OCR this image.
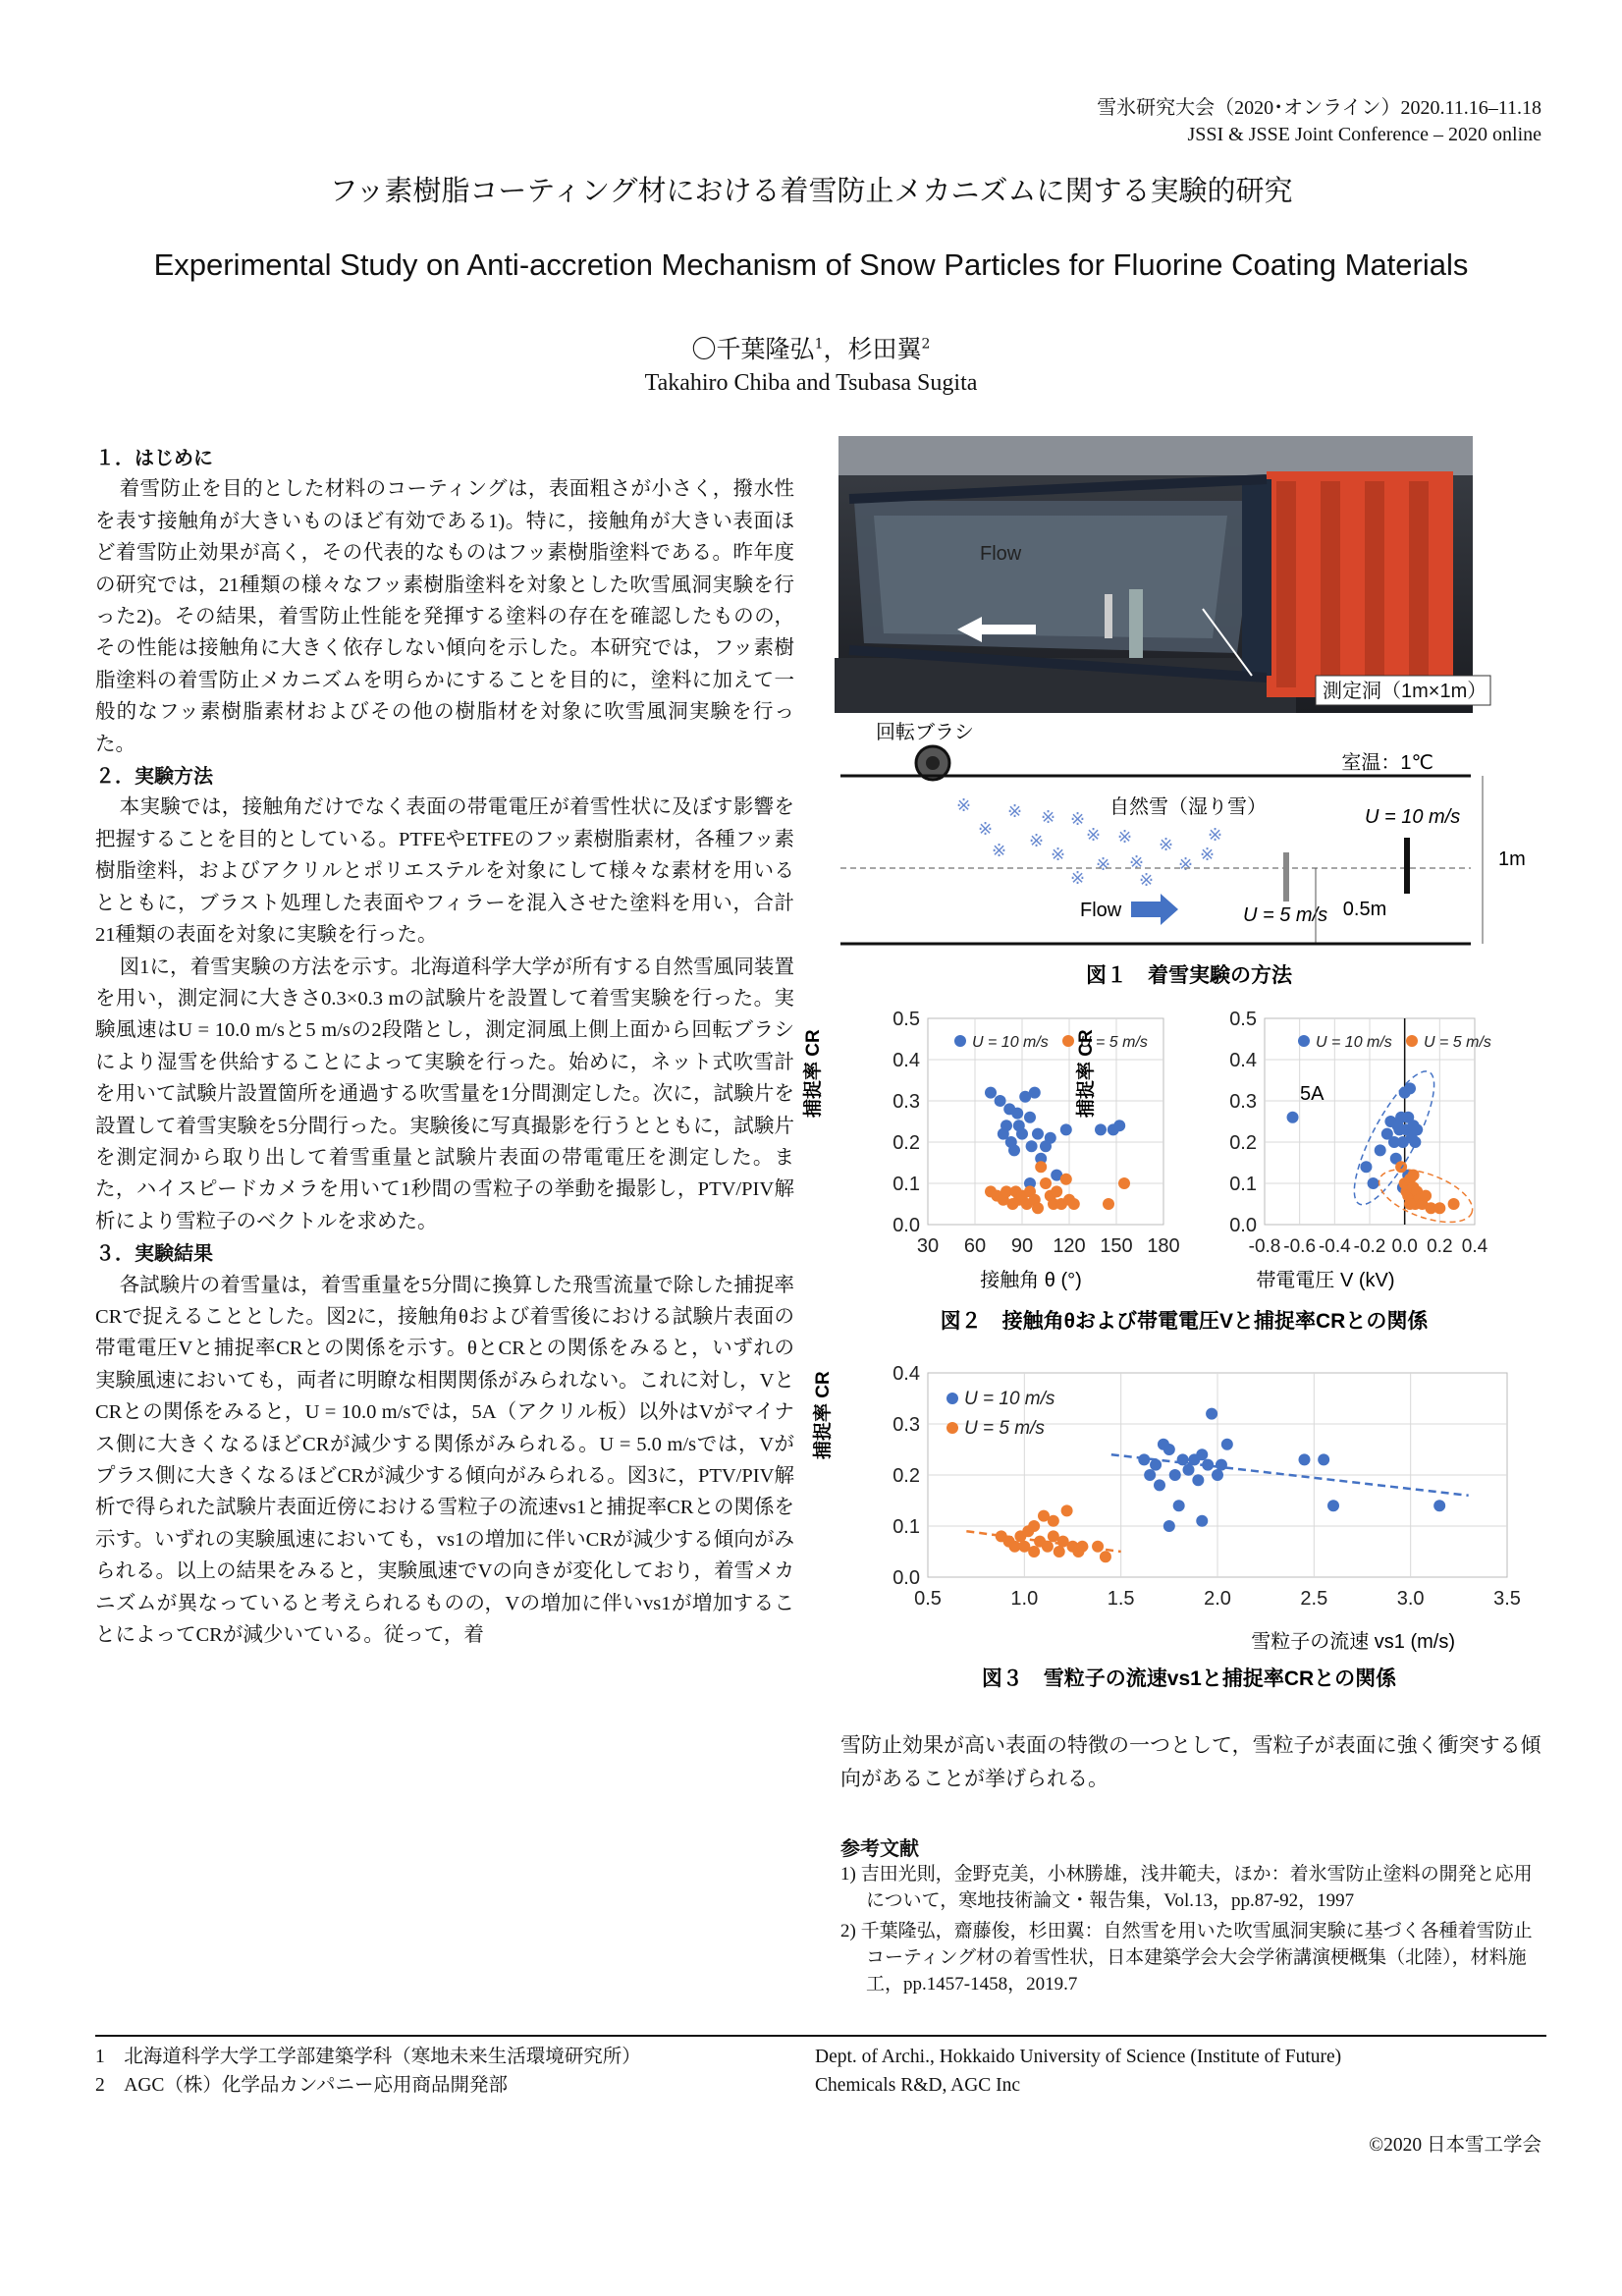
雪氷研究大会（2020･オンライン）2020.11.16–11.18
JSSI & JSSE Joint Conference – 2020 online
フッ素樹脂コーティング材における着雪防止メカニズムに関する実験的研究
Experimental Study on Anti-accretion Mechanism of Snow Particles for Fluorine Coating Materials
〇千葉隆弘$^1$，杉田翼$^2$
Takahiro Chiba and Tsubasa Sugita

１．はじめに

着雪防止を目的とした材料のコーティングは，表面粗さが小さく，撥水性を表す接触角が大きいものほど有効である1)。特に，接触角が大きい表面ほど着雪防止効果が高く，その代表的なものはフッ素樹脂塗料である。昨年度の研究では，21種類の様々なフッ素樹脂塗料を対象とした吹雪風洞実験を行った2)。その結果，着雪防止性能を発揮する塗料の存在を確認したものの，その性能は接触角に大きく依存しない傾向を示した。本研究では，フッ素樹脂塗料の着雪防止メカニズムを明らかにすることを目的に，塗料に加えて一般的なフッ素樹脂素材およびその他の樹脂材を対象に吹雪風洞実験を行った。

２．実験方法

本実験では，接触角だけでなく表面の帯電電圧が着雪性状に及ぼす影響を把握することを目的としている。PTFEやETFEのフッ素樹脂素材，各種フッ素樹脂塗料，およびアクリルとポリエステルを対象にして様々な素材を用いるとともに，ブラスト処理した表面やフィラーを混入させた塗料を用い，合計21種類の表面を対象に実験を行った。

図1に，着雪実験の方法を示す。北海道科学大学が所有する自然雪風同装置を用い，測定洞に大きさ0.3×0.3 mの試験片を設置して着雪実験を行った。実験風速はU = 10.0 m/sと5 m/sの2段階とし，測定洞風上側上面から回転ブラシにより湿雪を供給することによって実験を行った。始めに，ネット式吹雪計を用いて試験片設置箇所を通過する吹雪量を1分間測定した。次に，試験片を設置して着雪実験を5分間行った。実験後に写真撮影を行うとともに，試験片を測定洞から取り出して着雪重量と試験片表面の帯電電圧を測定した。また，ハイスピードカメラを用いて1秒間の雪粒子の挙動を撮影し，PTV/PIV解析により雪粒子のベクトルを求めた。

３．実験結果

各試験片の着雪量は，着雪重量を5分間に換算した飛雪流量で除した捕捉率CRで捉えることとした。図2に，接触角θおよび着雪後における試験片表面の帯電電圧Vと捕捉率CRとの関係を示す。θとCRとの関係をみると，いずれの実験風速においても，両者に明瞭な相関関係がみられない。これに対し，VとCRとの関係をみると，U = 10.0 m/sでは，5A（アクリル板）以外はVがマイナス側に大きくなるほどCRが減少する関係がみられる。U = 5.0 m/sでは，Vがプラス側に大きくなるほどCRが減少する傾向がみられる。図3に，PTV/PIV解析で得られた試験片表面近傍における雪粒子の流速vs1と捕捉率CRとの関係を示す。いずれの実験風速においても，vs1の増加に伴いCRが減少する傾向がみられる。以上の結果をみると，実験風速でVの向きが変化しており，着雪メカニズムが異なっていると考えられるものの，Vの増加に伴いvs1が増加することによってCRが減少いている。従って，着

Flow
測定洞（1m×1m）
回転ブラシ
室温：1℃
自然雪（湿り雪）
※ ※ ※ ※
※
※ ※ ※
※ ※ ※ ※
※
※
※
※
※	※
U = 10 m/s
U = 5 m/s
Flow	0.5m
1m
図１　着雪実験の方法
0.0
0.1
0.2
0.3
0.4
0.5
30 60 90 120 150 180
U = 10 m/s U = 5 m/s
0.0
0.1
0.2
0.3
0.4
0.5
-0.8 -0.6 -0.4 -0.2 0.0 0.2 0.4
U = 10 m/s U = 5 m/s
捕捉率 CR	捕捉率 CR
接触角 θ (°)	帯電電圧 V (kV)
5A
図２　接触角θおよび帯電電圧Vと捕捉率CRとの関係
0.0
0.1
0.2
0.3
0.4
0.5	1.0	1.5	2.0	2.5	3.0	3.5
U = 10 m/s
U = 5 m/s
捕捉率 CR
雪粒子の流速 vs1 (m/s)
図３　雪粒子の流速vs1と捕捉率CRとの関係
雪防止効果が高い表面の特徴の一つとして，雪粒子が表面に強く衝突する傾向があることが挙げられる。
参考文献

1) 吉田光則，金野克美，小林勝雄，浅井範夫，ほか：着氷雪防止塗料の開発と応用について，寒地技術論文・報告集，Vol.13，pp.87-92，1997

2) 千葉隆弘，齋藤俊，杉田翼：自然雪を用いた吹雪風洞実験に基づく各種着雪防止コーティング材の着雪性状，日本建築学会大会学術講演梗概集（北陸），材料施工，pp.1457-1458，2019.7

1　北海道科学大学工学部建築学科（寒地未来生活環境研究所）
2　AGC（株）化学品カンパニー応用商品開発部
Dept. of Archi., Hokkaido University of Science (Institute of Future)
Chemicals R&D, AGC Inc
©2020 日本雪工学会
